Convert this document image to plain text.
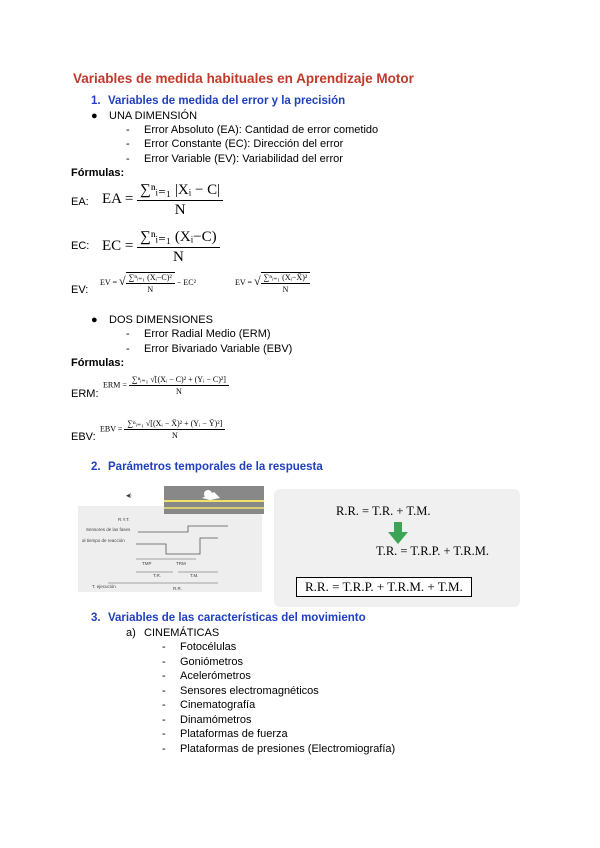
Variables de medida habituales en Aprendizaje Motor
1. Variables de medida del error y la precisión
● UNA DIMENSIÓN
- Error Absoluto (EA): Cantidad de error cometido
- Error Constante (EC): Dirección del error
- Error Variable (EV): Variabilidad del error
Fórmulas:
EA: EA = $\frac{\text{∑ⁿᵢ₌₁ |Xᵢ − C|}}{N}$
EC: EC = $\frac{\text{∑ⁿᵢ₌₁ (Xᵢ−C)}}{N}$
EV:
EV = √ $\frac{\text{∑ⁿᵢ₌₁ (Xᵢ−C)²}}{N} - EC^2$	EV = √ $\frac{\text{∑ⁿᵢ₌₁ (Xᵢ−X̄)²}}{N}$
● DOS DIMENSIONES
- Error Radial Medio (ERM)
- Error Bivariado Variable (EBV)
Fórmulas:
ERM:
ERM = $\frac{\text{∑ⁿᵢ₌₁ √[(Xᵢ − C)² + (Yᵢ − C)²]}}{N}$
EBV:
EBV = $\frac{\text{∑ⁿᵢ₌₁ √[(Xᵢ − X̄)² + (Yᵢ − Ȳ)²]}}{N}$
2. Parámetros temporales de la respuesta
◀)
R.Y.T.
Sensores de las fases
al tiempo de reacción
TMP	TRM
T.R.	T.M.
R.R.
T. ejecución
R.R. = T.R. + T.M.
T.R. = T.R.P. + T.R.M.
R.R. = T.R.P. + T.R.M. + T.M.
3. Variables de las características del movimiento
a) CINEMÁTICAS
- Fotocélulas
- Goniómetros
- Acelerómetros
- Sensores electromagnéticos
- Cinematografía
- Dinamómetros
- Plataformas de fuerza
- Plataformas de presiones (Electromiografía)
